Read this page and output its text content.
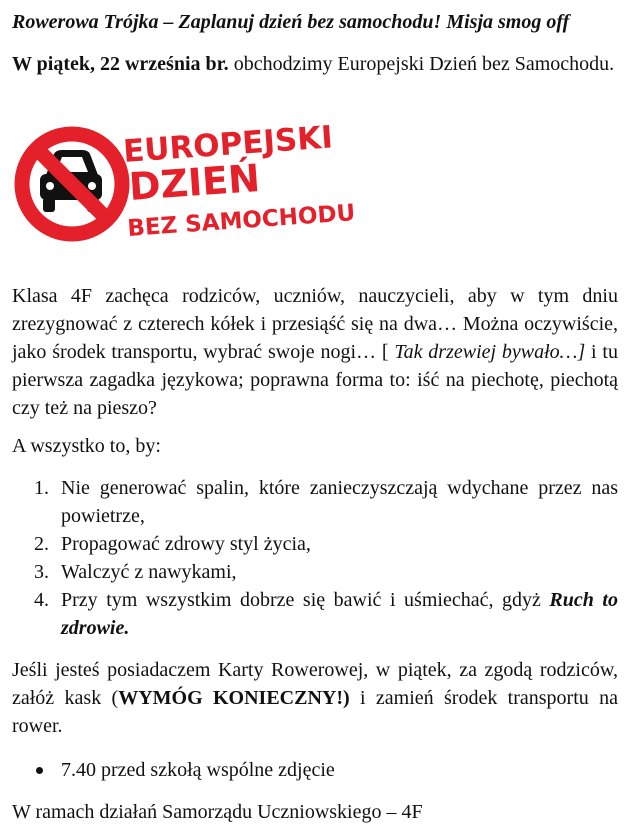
Rowerowa Trójka – Zaplanuj dzień bez samochodu! Misja smog off

W piątek, 22 września br. obchodzimy Europejski Dzień bez Samochodu.

EUROPEJSKI
DZIEŃ
BEZ SAMOCHODU

Klasa 4F zachęca rodziców, uczniów, nauczycieli, aby w tym dniu zrezygnować z czterech kółek i przesiąść się na dwa… Można oczywiście, jako środek transportu, wybrać swoje nogi… [ Tak drzewiej bywało…] i tu pierwsza zagadka językowa; poprawna forma to: iść na piechotę, piechotą czy też na pieszo?

A wszystko to, by:

1. Nie generować spalin, które zanieczyszczają wdychane przez nas powietrze,
2. Propagować zdrowy styl życia,
3. Walczyć z nawykami,
4. Przy tym wszystkim dobrze się bawić i uśmiechać, gdyż Ruch to zdrowie.

Jeśli jesteś posiadaczem Karty Rowerowej, w piątek, za zgodą rodziców, załóż kask (WYMÓG KONIECZNY!) i zamień środek transportu na rower.

7.40 przed szkołą wspólne zdjęcie

W ramach działań Samorządu Uczniowskiego – 4F
